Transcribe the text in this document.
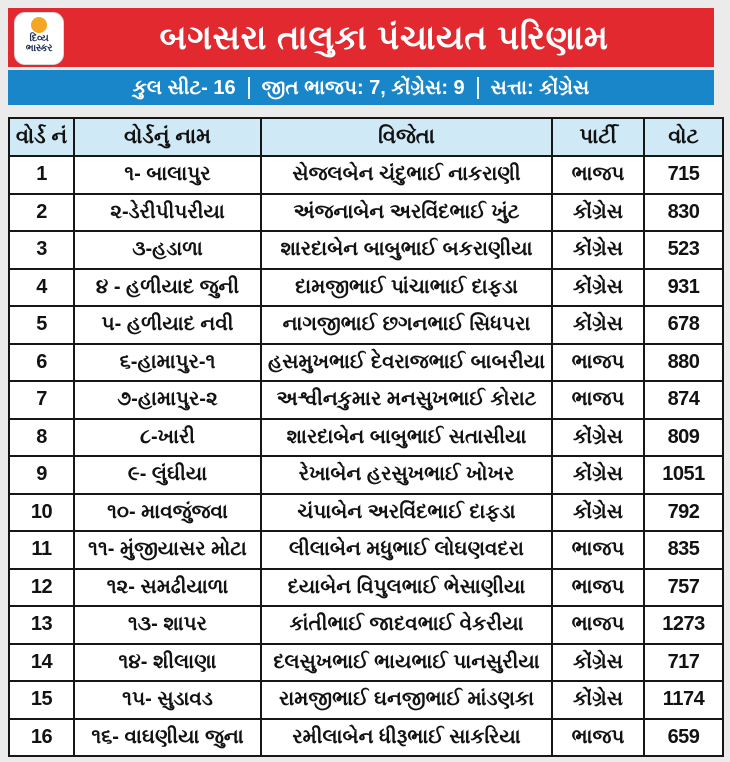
બગસરા તાલુકા પંચાયત પરિણામ
દિવ્ય
ભાસ્કર
કુલ સીટ- 16 જીત ભાજપ: 7, કોંગ્રેસ: 9 સત્તા: કોંગ્રેસ
વોર્ડ નં	વોર્ડનું નામ	વિજેતા	પાર્ટી	વોટ
1	૧- બાલાપુર	સેજલબેન ચંદુભાઈ નાકરાણી	ભાજપ	715
2	૨-ડેરીપીપરીયા	અંજનાબેન અરવિંદભાઈ ખુંટ	કોંગ્રેસ	830
3	૩-હડાળા	શારદાબેન બાબુભાઈ બકરાણીયા	કોંગ્રેસ	523
4	૪ - હળીયાદ જુની	દામજીભાઈ પાંચાભાઈ દાફડા	કોંગ્રેસ	931
5	૫- હળીયાદ નવી	નાગજીભાઈ છગનભાઈ સિધપરા	કોંગ્રેસ	678
6	૬-હામાપુર-૧	હસમુખભાઈ દેવરાજભાઈ બાબરીયા	ભાજપ	880
7	૭-હામાપુર-૨	અશ્વીનકુમાર મનસુખભાઈ કોરાટ	ભાજપ	874
8	૮-ખારી	શારદાબેન બાબુભાઈ સતાસીયા	કોંગ્રેસ	809
9	૯- લુંઘીયા	રેખાબેન હરસુખભાઈ ખોખર	કોંગ્રેસ	1051
10	૧૦- માવજુંજવા	ચંપાબેન અરવિંદભાઈ દાફડા	કોંગ્રેસ	792
11	૧૧- મુંજીયાસર મોટા	લીલાબેન મધુભાઈ લોઘણવદરા	ભાજપ	835
12	૧૨- સમઢીયાળા	દયાબેન વિપુલભાઈ ભેસાણીયા	ભાજપ	757
13	૧૩- શાપર	કાંતીભાઈ જાદવભાઈ વેકરીયા	ભાજપ	1273
14	૧૪- શીલાણા	દલસુખભાઈ ભાયભાઈ પાનસુરીયા	કોંગ્રેસ	717
15	૧૫- સુડાવડ	રામજીભાઈ ઘનજીભાઈ માંડણકા	કોંગ્રેસ	1174
16	૧૬- વાઘણીયા જુના	રમીલાબેન ધીરૂભાઈ સાકરિયા	ભાજપ	659
